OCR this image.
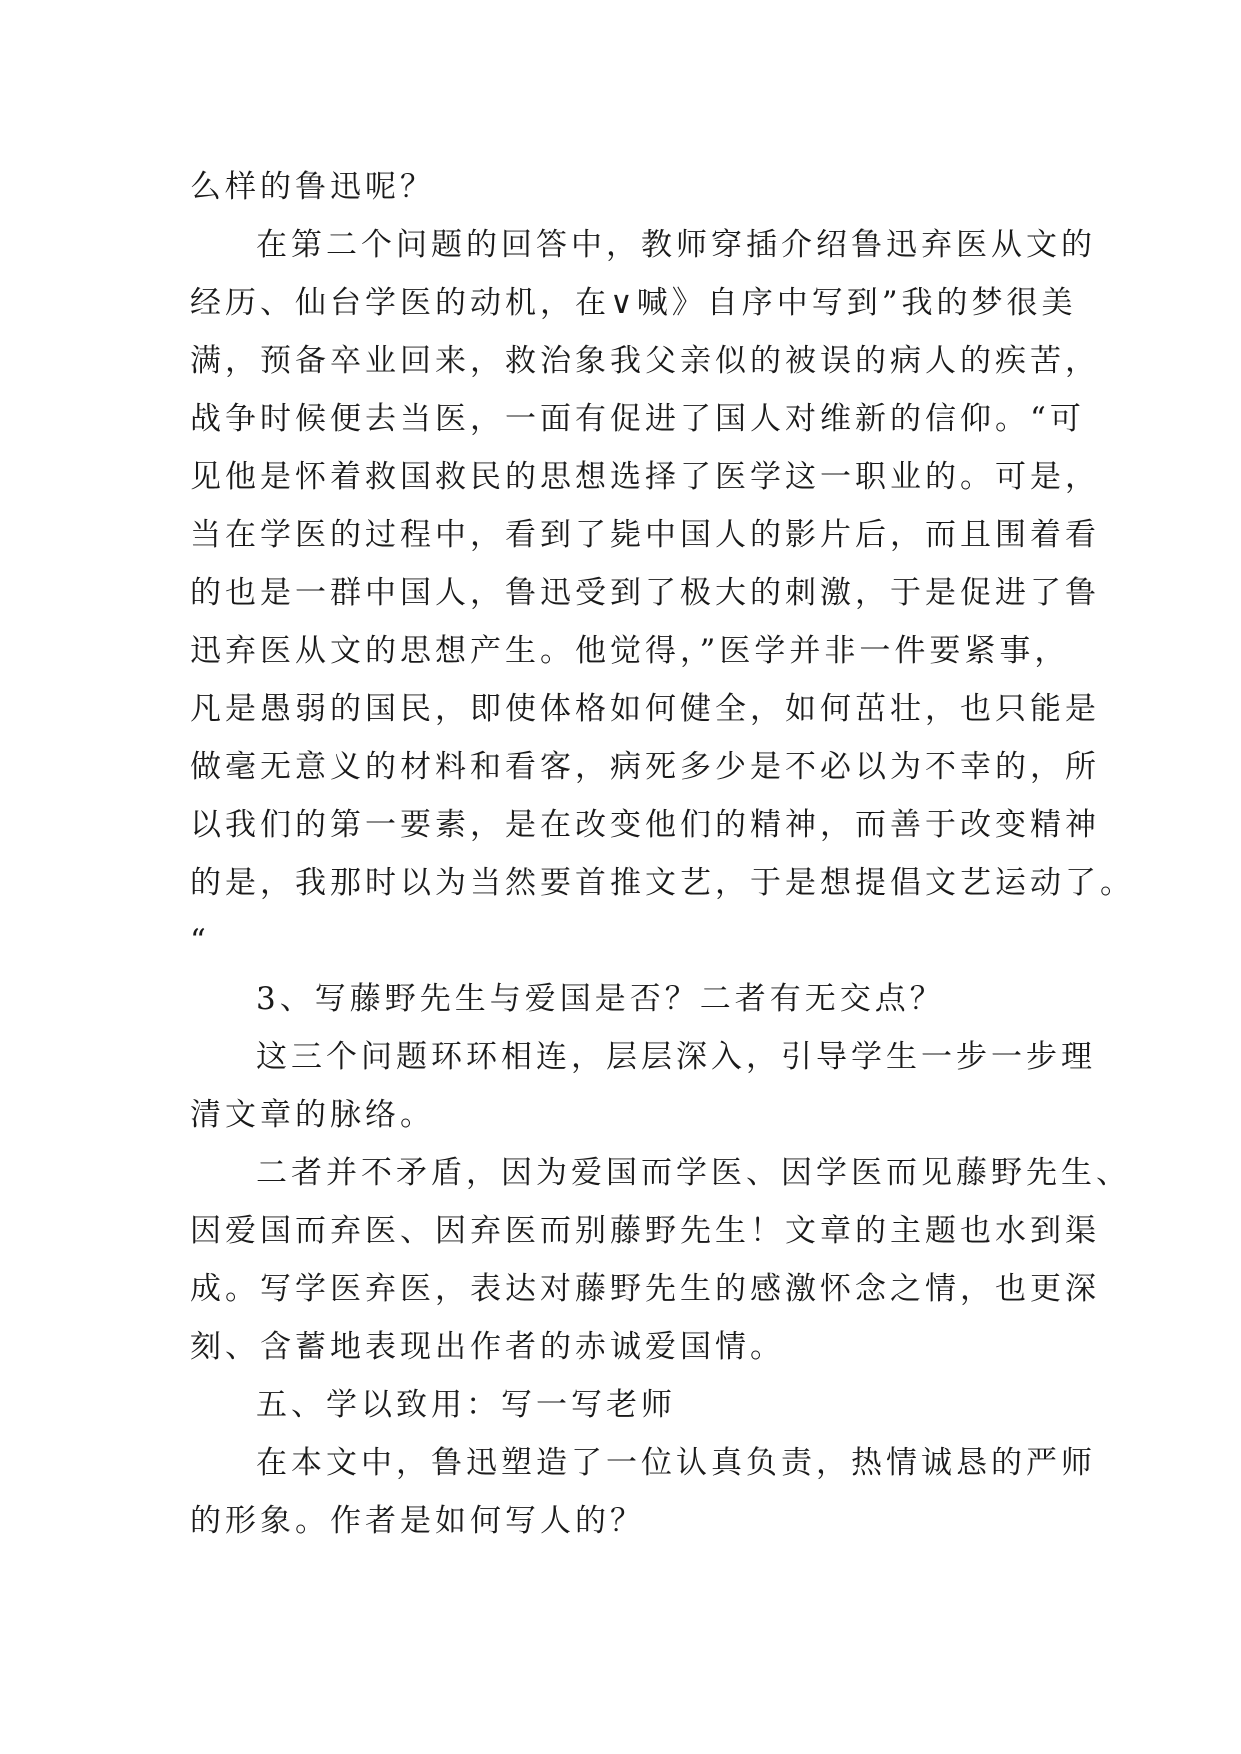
么样的鲁迅呢？
在第二个问题的回答中，教师穿插介绍鲁迅弃医从文的
经历、仙台学医的动机，在∨喊》自序中写到”我的梦很美
满，预备卒业回来，救治象我父亲似的被误的病人的疾苦，
战争时候便去当医，一面有促进了国人对维新的信仰。“可
见他是怀着救国救民的思想选择了医学这一职业的。可是，
当在学医的过程中，看到了毙中国人的影片后，而且围着看
的也是一群中国人，鲁迅受到了极大的刺激，于是促进了鲁
迅弃医从文的思想产生。他觉得，”医学并非一件要紧事，
凡是愚弱的国民，即使体格如何健全，如何茁壮，也只能是
做毫无意义的材料和看客，病死多少是不必以为不幸的，所
以我们的第一要素，是在改变他们的精神，而善于改变精神
的是，我那时以为当然要首推文艺，于是想提倡文艺运动了。
“
3、写藤野先生与爱国是否？二者有无交点？
这三个问题环环相连，层层深入，引导学生一步一步理
清文章的脉络。
二者并不矛盾，因为爱国而学医、因学医而见藤野先生、
因爱国而弃医、因弃医而别藤野先生！文章的主题也水到渠
成。写学医弃医，表达对藤野先生的感激怀念之情，也更深
刻、含蓄地表现出作者的赤诚爱国情。
五、学以致用：写一写老师
在本文中，鲁迅塑造了一位认真负责，热情诚恳的严师
的形象。作者是如何写人的？
